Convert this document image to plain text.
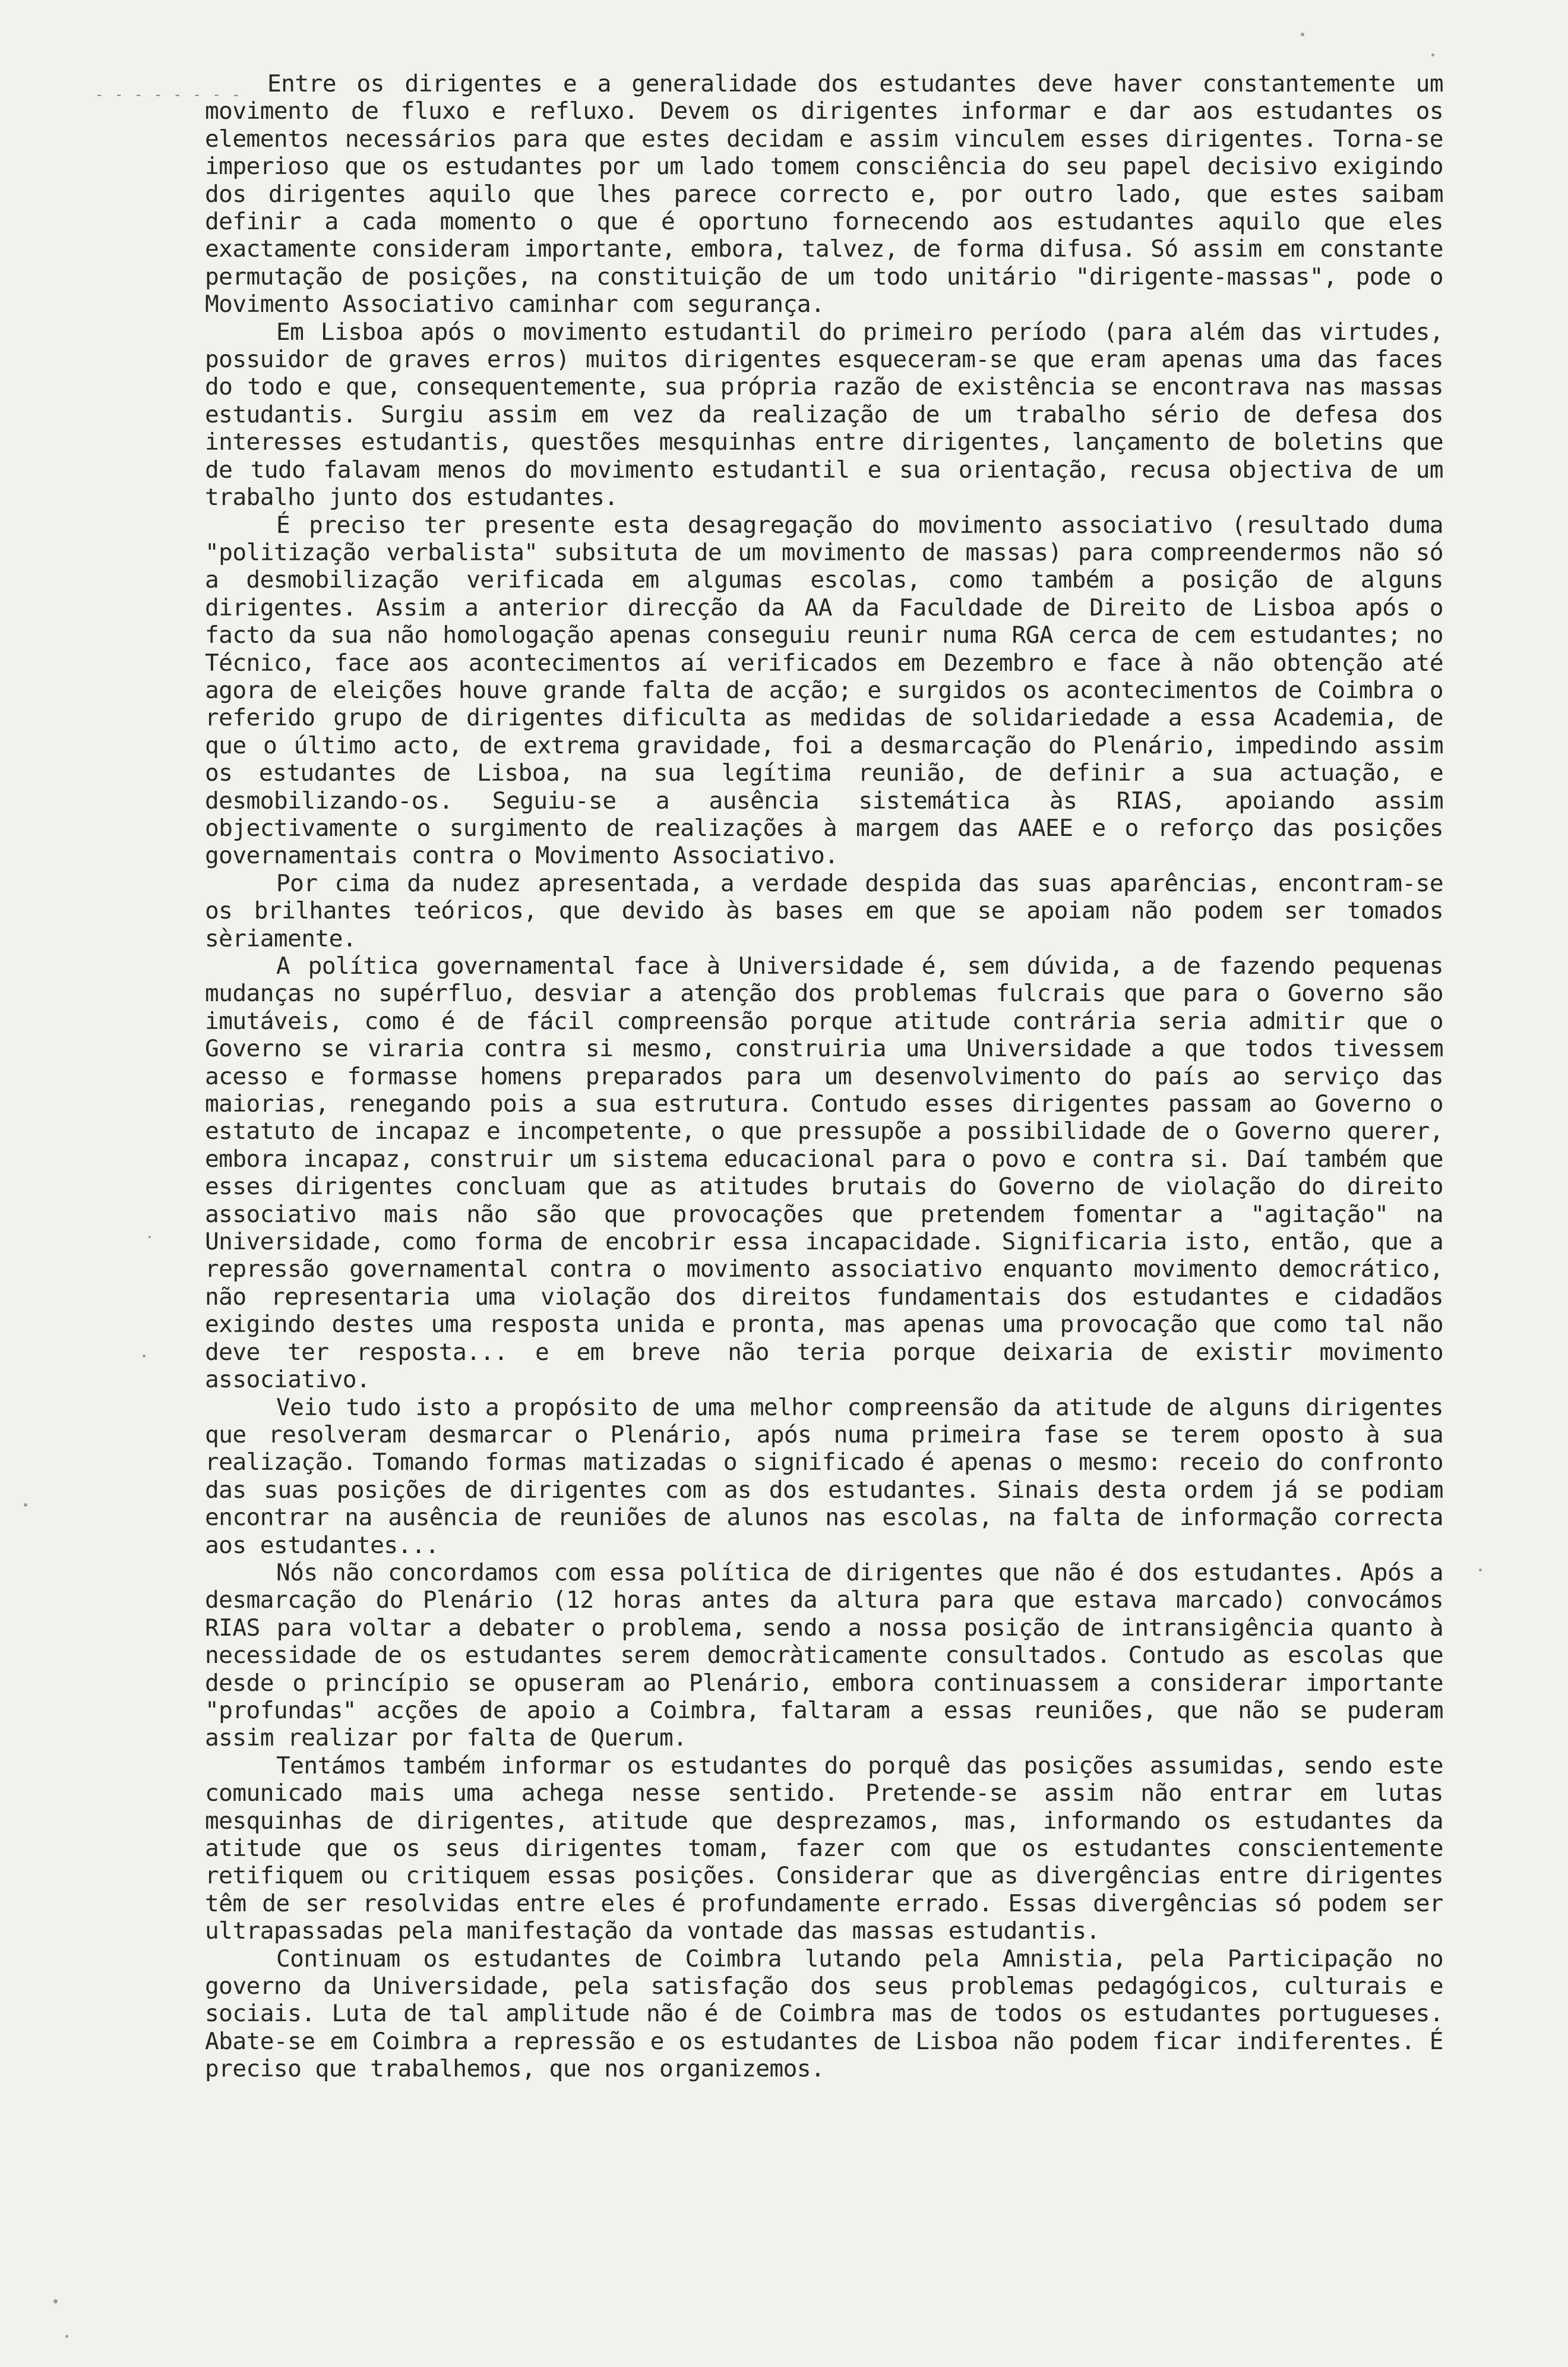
- - - - - - - -	Entre os dirigentes e a generalidade dos estudantes deve haver constantemente um movimento de fluxo e refluxo. Devem os dirigentes informar e dar aos estudantes os elementos necessários para que estes decidam e assim vinculem esses dirigentes. Torna-se imperioso que os estudantes por um lado tomem consciência do seu papel decisivo exigindo dos dirigentes aquilo que lhes parece correcto e, por outro lado, que estes saibam definir a cada momento o que é oportuno fornecendo aos estudantes aquilo que eles exactamente consideram importante, embora, talvez, de forma difusa. Só assim em constante permutação de posições, na constituição de um todo unitário "dirigente-massas", pode o Movimento Associativo caminhar com segurança.

Em Lisboa após o movimento estudantil do primeiro período (para além das virtudes, possuidor de graves erros) muitos dirigentes esqueceram-se que eram apenas uma das faces do todo e que, consequentemente, sua própria razão de existência se encontrava nas massas estudantis. Surgiu assim em vez da realização de um trabalho sério de defesa dos interesses estudantis, questões mesquinhas entre dirigentes, lançamento de boletins que de tudo falavam menos do movimento estudantil e sua orientação, recusa objectiva de um trabalho junto dos estudantes.

É preciso ter presente esta desagregação do movimento associativo (resultado duma "politização verbalista" subsituta de um movimento de massas) para compreendermos não só a desmobilização verificada em algumas escolas, como também a posição de alguns dirigentes. Assim a anterior direcção da AA da Faculdade de Direito de Lisboa após o facto da sua não homologação apenas conseguiu reunir numa RGA cerca de cem estudantes; no Técnico, face aos acontecimentos aí verificados em Dezembro e face à não obtenção até agora de eleições houve grande falta de acção; e surgidos os acontecimentos de Coimbra o referido grupo de dirigentes dificulta as medidas de solidariedade a essa Academia, de que o último acto, de extrema gravidade, foi a desmarcação do Plenário, impedindo assim os estudantes de Lisboa, na sua legítima reunião, de definir a sua actuação, e desmobilizando-os. Seguiu-se a ausência sistemática às RIAS, apoiando assim objectivamente o surgimento de realizações à margem das AAEE e o reforço das posições governamentais contra o Movimento Associativo.

Por cima da nudez apresentada, a verdade despida das suas aparências, encontram-se os brilhantes teóricos, que devido às bases em que se apoiam não podem ser tomados sèriamente.

A política governamental face à Universidade é, sem dúvida, a de fazendo pequenas mudanças no supérfluo, desviar a atenção dos problemas fulcrais que para o Governo são imutáveis, como é de fácil compreensão porque atitude contrária seria admitir que o Governo se viraria contra si mesmo, construiria uma Universidade a que todos tivessem acesso e formasse homens preparados para um desenvolvimento do país ao serviço das maiorias, renegando pois a sua estrutura. Contudo esses dirigentes passam ao Governo o estatuto de incapaz e incompetente, o que pressupõe a possibilidade de o Governo querer, embora incapaz, construir um sistema educacional para o povo e contra si. Daí também que esses dirigentes concluam que as atitudes brutais do Governo de violação do direito associativo mais não são que provocações que pretendem fomentar a "agitação" na Universidade, como forma de encobrir essa incapacidade. Significaria isto, então, que a repressão governamental contra o movimento associativo enquanto movimento democrático, não representaria uma violação dos direitos fundamentais dos estudantes e cidadãos exigindo destes uma resposta unida e pronta, mas apenas uma provocação que como tal não deve ter resposta... e em breve não teria porque deixaria de existir movimento associativo.

Veio tudo isto a propósito de uma melhor compreensão da atitude de alguns dirigentes que resolveram desmarcar o Plenário, após numa primeira fase se terem oposto à sua realização. Tomando formas matizadas o significado é apenas o mesmo: receio do confronto das suas posições de dirigentes com as dos estudantes. Sinais desta ordem já se podiam encontrar na ausência de reuniões de alunos nas escolas, na falta de informação correcta aos estudantes...

Nós não concordamos com essa política de dirigentes que não é dos estudantes. Após a desmarcação do Plenário (12 horas antes da altura para que estava marcado) convocámos RIAS para voltar a debater o problema, sendo a nossa posição de intransigência quanto à necessidade de os estudantes serem democràticamente consultados. Contudo as escolas que desde o princípio se opuseram ao Plenário, embora continuassem a considerar importante "profundas" acções de apoio a Coimbra, faltaram a essas reuniões, que não se puderam assim realizar por falta de Querum.

Tentámos também informar os estudantes do porquê das posições assumidas, sendo este comunicado mais uma achega nesse sentido. Pretende-se assim não entrar em lutas mesquinhas de dirigentes, atitude que desprezamos, mas, informando os estudantes da atitude que os seus dirigentes tomam, fazer com que os estudantes conscientemente retifiquem ou critiquem essas posições. Considerar que as divergências entre dirigentes têm de ser resolvidas entre eles é profundamente errado. Essas divergências só podem ser ultrapassadas pela manifestação da vontade das massas estudantis.

Continuam os estudantes de Coimbra lutando pela Amnistia, pela Participação no governo da Universidade, pela satisfação dos seus problemas pedagógicos, culturais e sociais. Luta de tal amplitude não é de Coimbra mas de todos os estudantes portugueses. Abate-se em Coimbra a repressão e os estudantes de Lisboa não podem ficar indiferentes. É preciso que trabalhemos, que nos organizemos.
